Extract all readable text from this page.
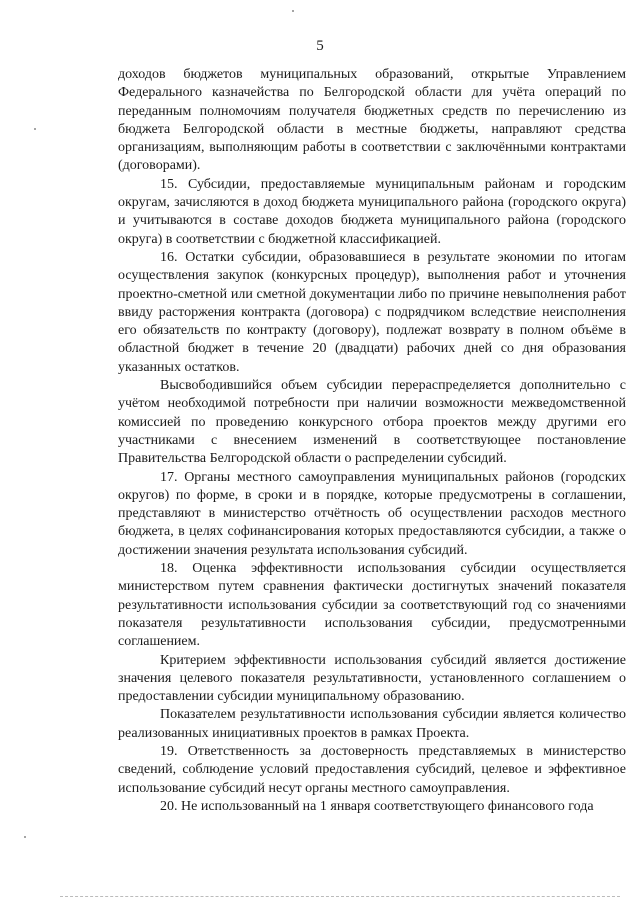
5

доходов бюджетов муниципальных образований, открытые Управлением Федерального казначейства по Белгородской области для учёта операций по переданным полномочиям получателя бюджетных средств по перечислению из бюджета Белгородской области в местные бюджеты, направляют средства организациям, выполняющим работы в соответствии с заключёнными контрактами (договорами).

15. Субсидии, предоставляемые муниципальным районам и городским округам, зачисляются в доход бюджета муниципального района (городского округа) и учитываются в составе доходов бюджета муниципального района (городского округа) в соответствии с бюджетной классификацией.

16. Остатки субсидии, образовавшиеся в результате экономии по итогам осуществления закупок (конкурсных процедур), выполнения работ и уточнения проектно-сметной или сметной документации либо по причине невыполнения работ ввиду расторжения контракта (договора) с подрядчиком вследствие неисполнения его обязательств по контракту (договору), подлежат возврату в полном объёме в областной бюджет в течение 20 (двадцати) рабочих дней со дня образования указанных остатков.

Высвободившийся объем субсидии перераспределяется дополнительно с учётом необходимой потребности при наличии возможности межведомственной комиссией по проведению конкурсного отбора проектов между другими его участниками с внесением изменений в соответствующее постановление Правительства Белгородской области о распределении субсидий.

17. Органы местного самоуправления муниципальных районов (городских округов) по форме, в сроки и в порядке, которые предусмотрены в соглашении, представляют в министерство отчётность об осуществлении расходов местного бюджета, в целях софинансирования которых предоставляются субсидии, а также о достижении значения результата использования субсидий.

18. Оценка эффективности использования субсидии осуществляется министерством путем сравнения фактически достигнутых значений показателя результативности использования субсидии за соответствующий год со значениями показателя результативности использования субсидии, предусмотренными соглашением.

Критерием эффективности использования субсидий является достижение значения целевого показателя результативности, установленного соглашением о предоставлении субсидии муниципальному образованию.

Показателем результативности использования субсидии является количество реализованных инициативных проектов в рамках Проекта.

19. Ответственность за достоверность представляемых в министерство сведений, соблюдение условий предоставления субсидий, целевое и эффективное использование субсидий несут органы местного самоуправления.

20. Не использованный на 1 января соответствующего финансового года
